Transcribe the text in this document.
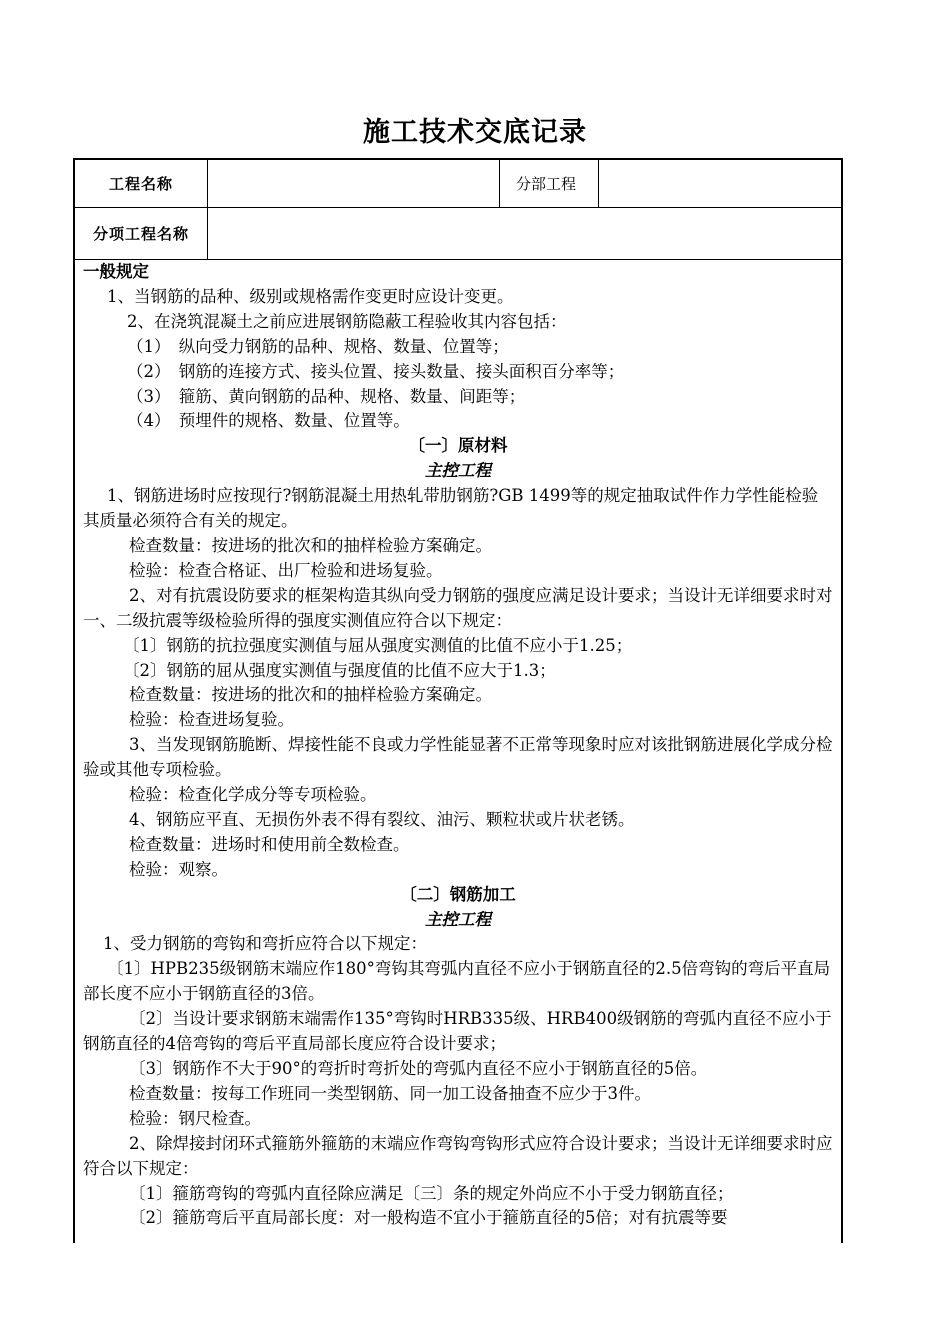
施工技术交底记录
工程名称	分部工程
分项工程名称

一般规定

1、当钢筋的品种、级别或规格需作变更时应设计变更。

2、在浇筑混凝土之前应进展钢筋隐蔽工程验收其内容包括：

（1）　纵向受力钢筋的品种、规格、数量、位置等；

（2）　钢筋的连接方式、接头位置、接头数量、接头面积百分率等；

（3）　箍筋、黄向钢筋的品种、规格、数量、间距等；

（4）　预埋件的规格、数量、位置等。

〔一〕原材料

主控工程

1、钢筋进场时应按现行?钢筋混凝土用热轧带肋钢筋?GB 1499等的规定抽取试件作力学性能检验其质量必须符合有关的规定。

检查数量：按进场的批次和的抽样检验方案确定。

检验：检查合格证、出厂检验和进场复验。

2、对有抗震设防要求的框架构造其纵向受力钢筋的强度应满足设计要求；当设计无详细要求时对一、二级抗震等级检验所得的强度实测值应符合以下规定：

〔1〕钢筋的抗拉强度实测值与屈从强度实测值的比值不应小于1.25；

〔2〕钢筋的屈从强度实测值与强度值的比值不应大于1.3；

检查数量：按进场的批次和的抽样检验方案确定。

检验：检查进场复验。

3、当发现钢筋脆断、焊接性能不良或力学性能显著不正常等现象时应对该批钢筋进展化学成分检验或其他专项检验。

检验：检查化学成分等专项检验。

4、钢筋应平直、无损伤外表不得有裂纹、油污、颗粒状或片状老锈。

检查数量：进场时和使用前全数检查。

检验：观察。

〔二〕钢筋加工

主控工程

1、受力钢筋的弯钩和弯折应符合以下规定：

〔1〕HPB235级钢筋末端应作180°弯钩其弯弧内直径不应小于钢筋直径的2.5倍弯钩的弯后平直局部长度不应小于钢筋直径的3倍。

〔2〕当设计要求钢筋末端需作135°弯钩时HRB335级、HRB400级钢筋的弯弧内直径不应小于钢筋直径的4倍弯钩的弯后平直局部长度应符合设计要求；

〔3〕钢筋作不大于90°的弯折时弯折处的弯弧内直径不应小于钢筋直径的5倍。

检查数量：按每工作班同一类型钢筋、同一加工设备抽查不应少于3件。

检验：钢尺检查。

2、除焊接封闭环式箍筋外箍筋的末端应作弯钩弯钩形式应符合设计要求；当设计无详细要求时应符合以下规定：

〔1〕箍筋弯钩的弯弧内直径除应满足〔三〕条的规定外尚应不小于受力钢筋直径；

〔2〕箍筋弯后平直局部长度：对一般构造不宜小于箍筋直径的5倍；对有抗震等要
